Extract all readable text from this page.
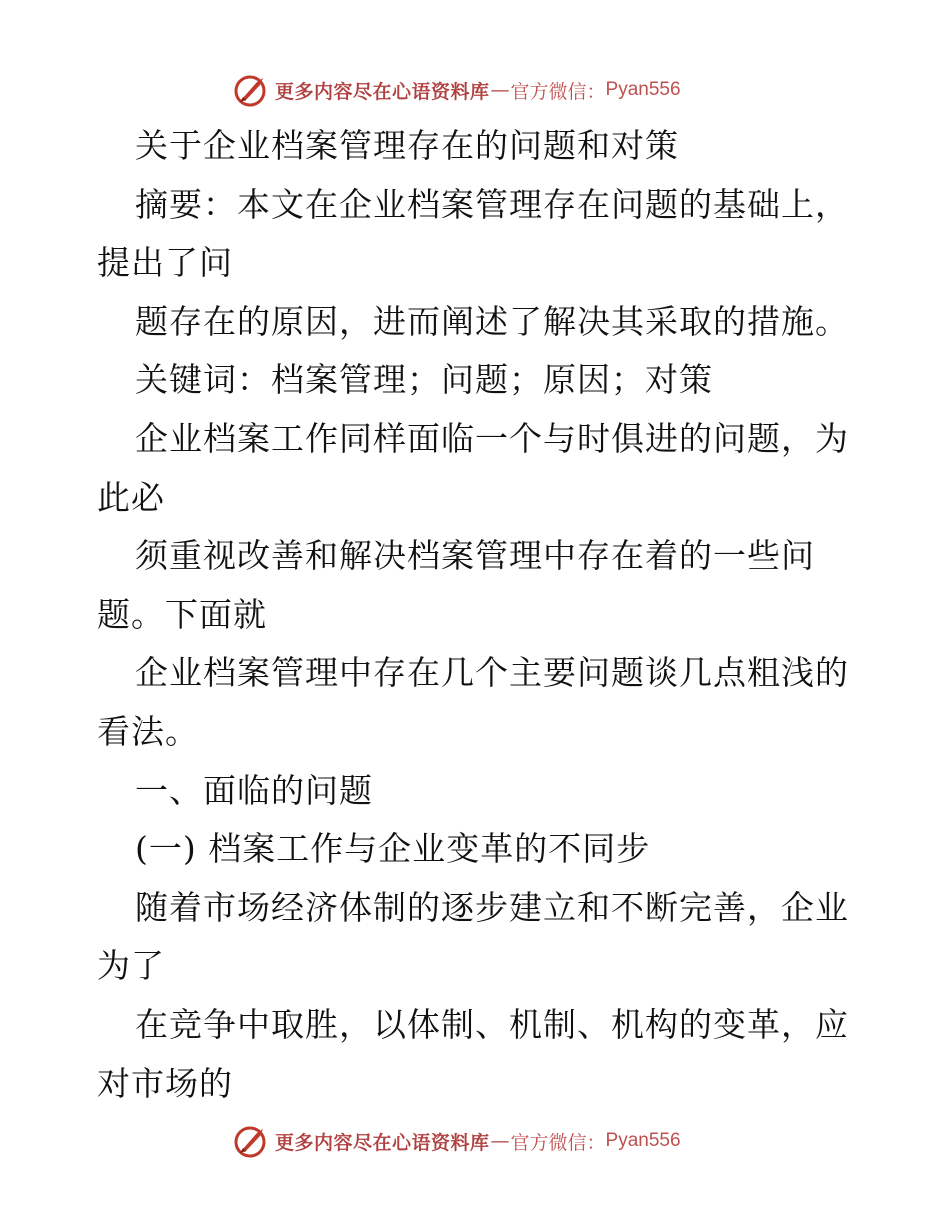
更多内容尽在心语资料库 — 官方微信： Pyan556
关于企业档案管理存在的问题和对策
摘要：本文在企业档案管理存在问题的基础上，
提出了问
题存在的原因，进而阐述了解决其采取的措施。
关键词：档案管理；问题；原因；对策
企业档案工作同样面临一个与时俱进的问题，为
此必
须重视改善和解决档案管理中存在着的一些问
题。下面就
企业档案管理中存在几个主要问题谈几点粗浅的
看法。
一、面临的问题
(一) 档案工作与企业变革的不同步
随着市场经济体制的逐步建立和不断完善，企业
为了
在竞争中取胜，以体制、机制、机构的变革，应
对市场的
更多内容尽在心语资料库 — 官方微信： Pyan556
